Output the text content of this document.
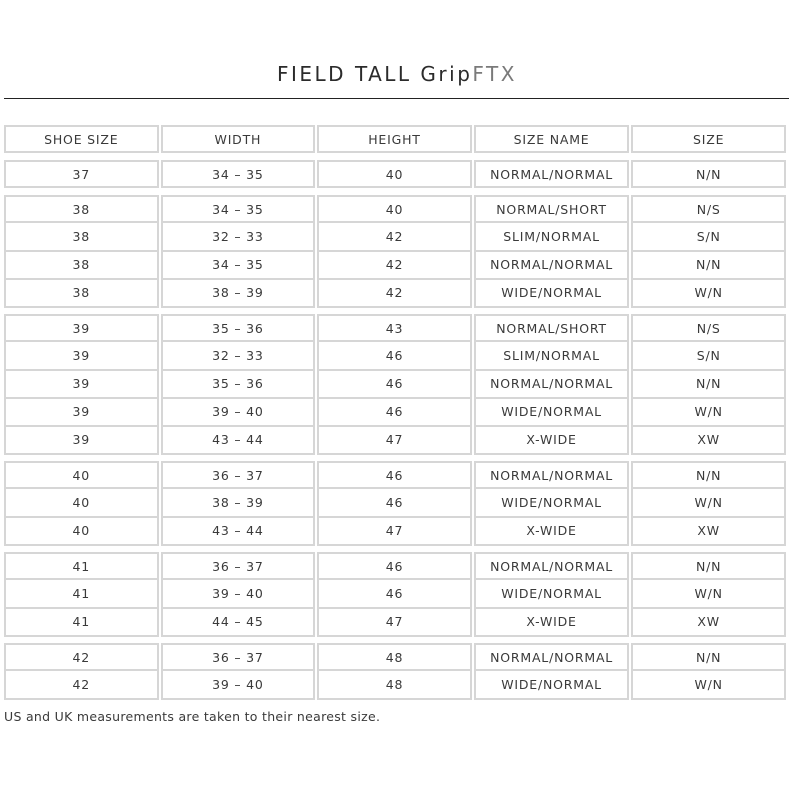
FIELD TALL GripFTX
SHOE SIZE	WIDTH	HEIGHT	SIZE NAME	SIZE
37	34 – 35	40	NORMAL/NORMAL	N/N
38	34 – 35	40	NORMAL/SHORT	N/S
38	32 – 33	42	SLIM/NORMAL	S/N
38	34 – 35	42	NORMAL/NORMAL	N/N
38	38 – 39	42	WIDE/NORMAL	W/N
39	35 – 36	43	NORMAL/SHORT	N/S
39	32 – 33	46	SLIM/NORMAL	S/N
39	35 – 36	46	NORMAL/NORMAL	N/N
39	39 – 40	46	WIDE/NORMAL	W/N
39	43 – 44	47	X-WIDE	XW
40	36 – 37	46	NORMAL/NORMAL	N/N
40	38 – 39	46	WIDE/NORMAL	W/N
40	43 – 44	47	X-WIDE	XW
41	36 – 37	46	NORMAL/NORMAL	N/N
41	39 – 40	46	WIDE/NORMAL	W/N
41	44 – 45	47	X-WIDE	XW
42	36 – 37	48	NORMAL/NORMAL	N/N
42	39 – 40	48	WIDE/NORMAL	W/N
US and UK measurements are taken to their nearest size.
